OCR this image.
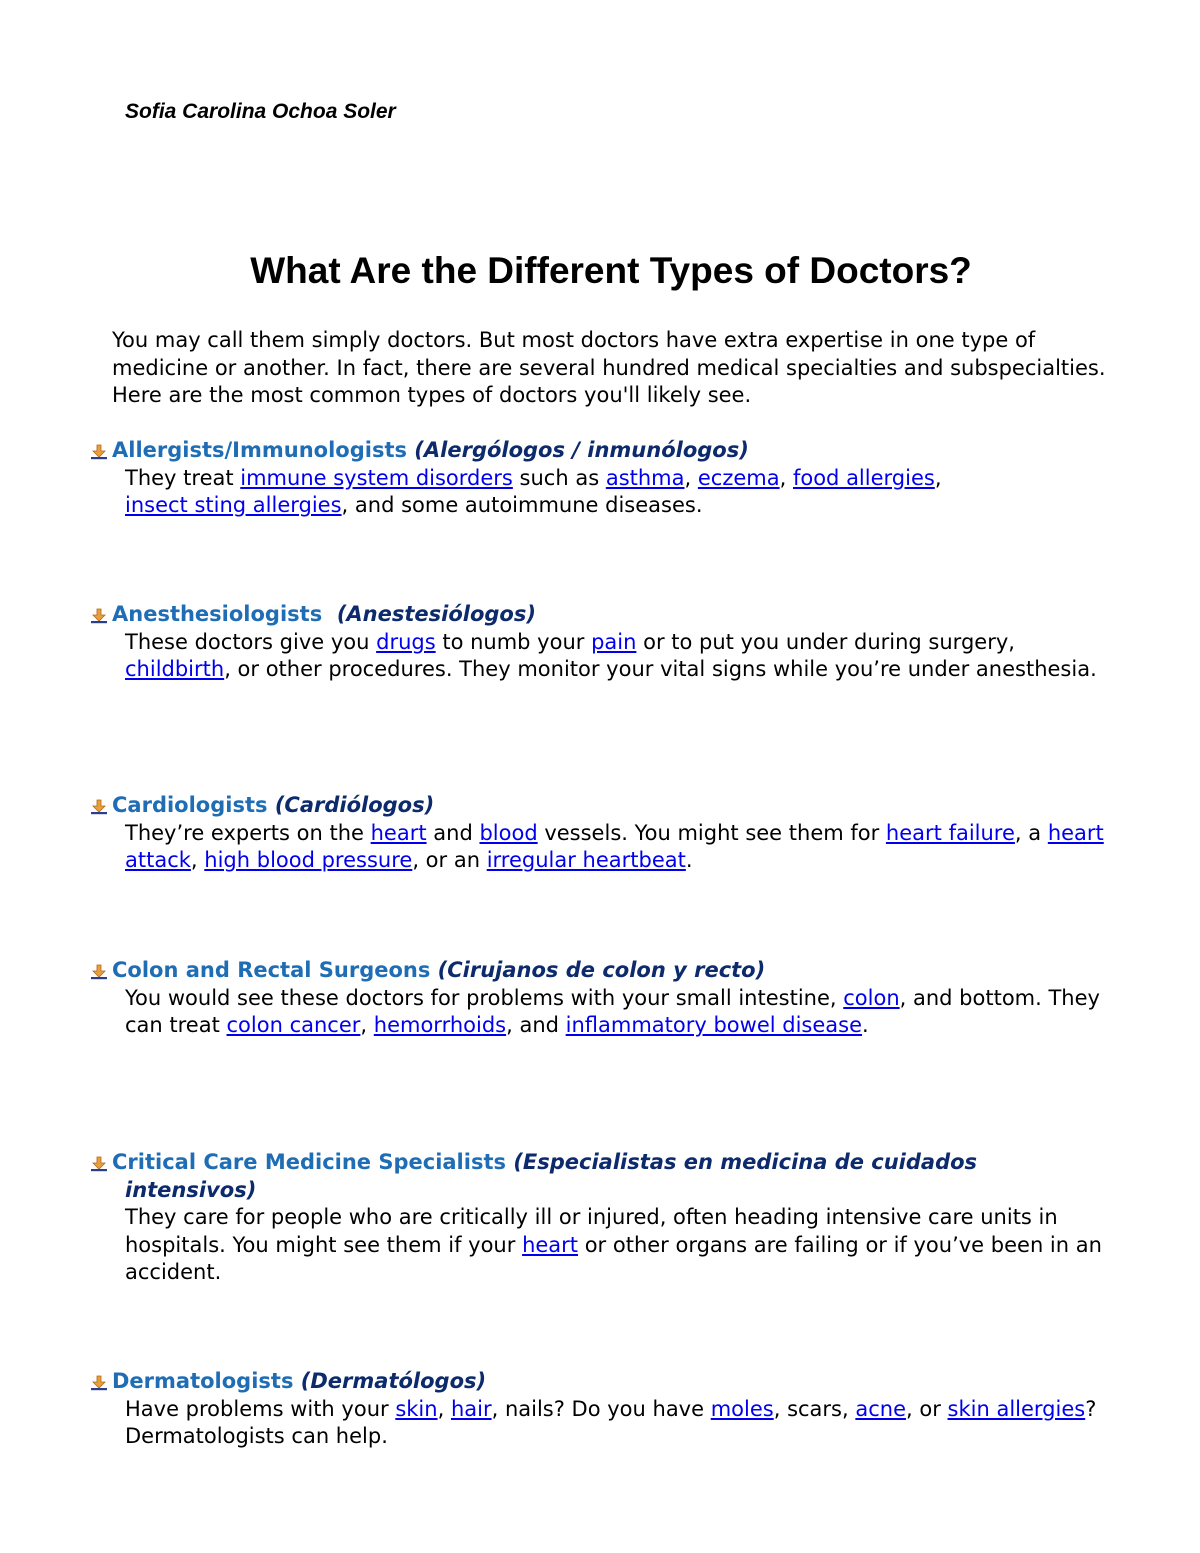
Sofia Carolina Ochoa Soler
What Are the Different Types of Doctors?
You may call them simply doctors. But most doctors have extra expertise in one type of medicine or another. In fact, there are several hundred medical specialties and subspecialties. Here are the most common types of doctors you'll likely see.
Allergists/Immunologists (Alergólogos / inmunólogos)
They treat immune system disorders such as asthma, eczema, food allergies,
insect sting allergies, and some autoimmune diseases.
Anesthesiologists (Anestesiólogos)
These doctors give you drugs to numb your pain or to put you under during surgery, childbirth, or other procedures. They monitor your vital signs while you’re under anesthesia.
Cardiologists (Cardiólogos)
They’re experts on the heart and blood vessels. You might see them for heart failure, a heart attack, high blood pressure, or an irregular heartbeat.
Colon and Rectal Surgeons (Cirujanos de colon y recto)
You would see these doctors for problems with your small intestine, colon, and bottom. They can treat colon cancer, hemorrhoids, and inflammatory bowel disease.
Critical Care Medicine Specialists (Especialistas en medicina de cuidados
intensivos)
They care for people who are critically ill or injured, often heading intensive care units in hospitals. You might see them if your heart or other organs are failing or if you’ve been in an accident.
Dermatologists (Dermatólogos)
Have problems with your skin, hair, nails? Do you have moles, scars, acne, or skin allergies? Dermatologists can help.
